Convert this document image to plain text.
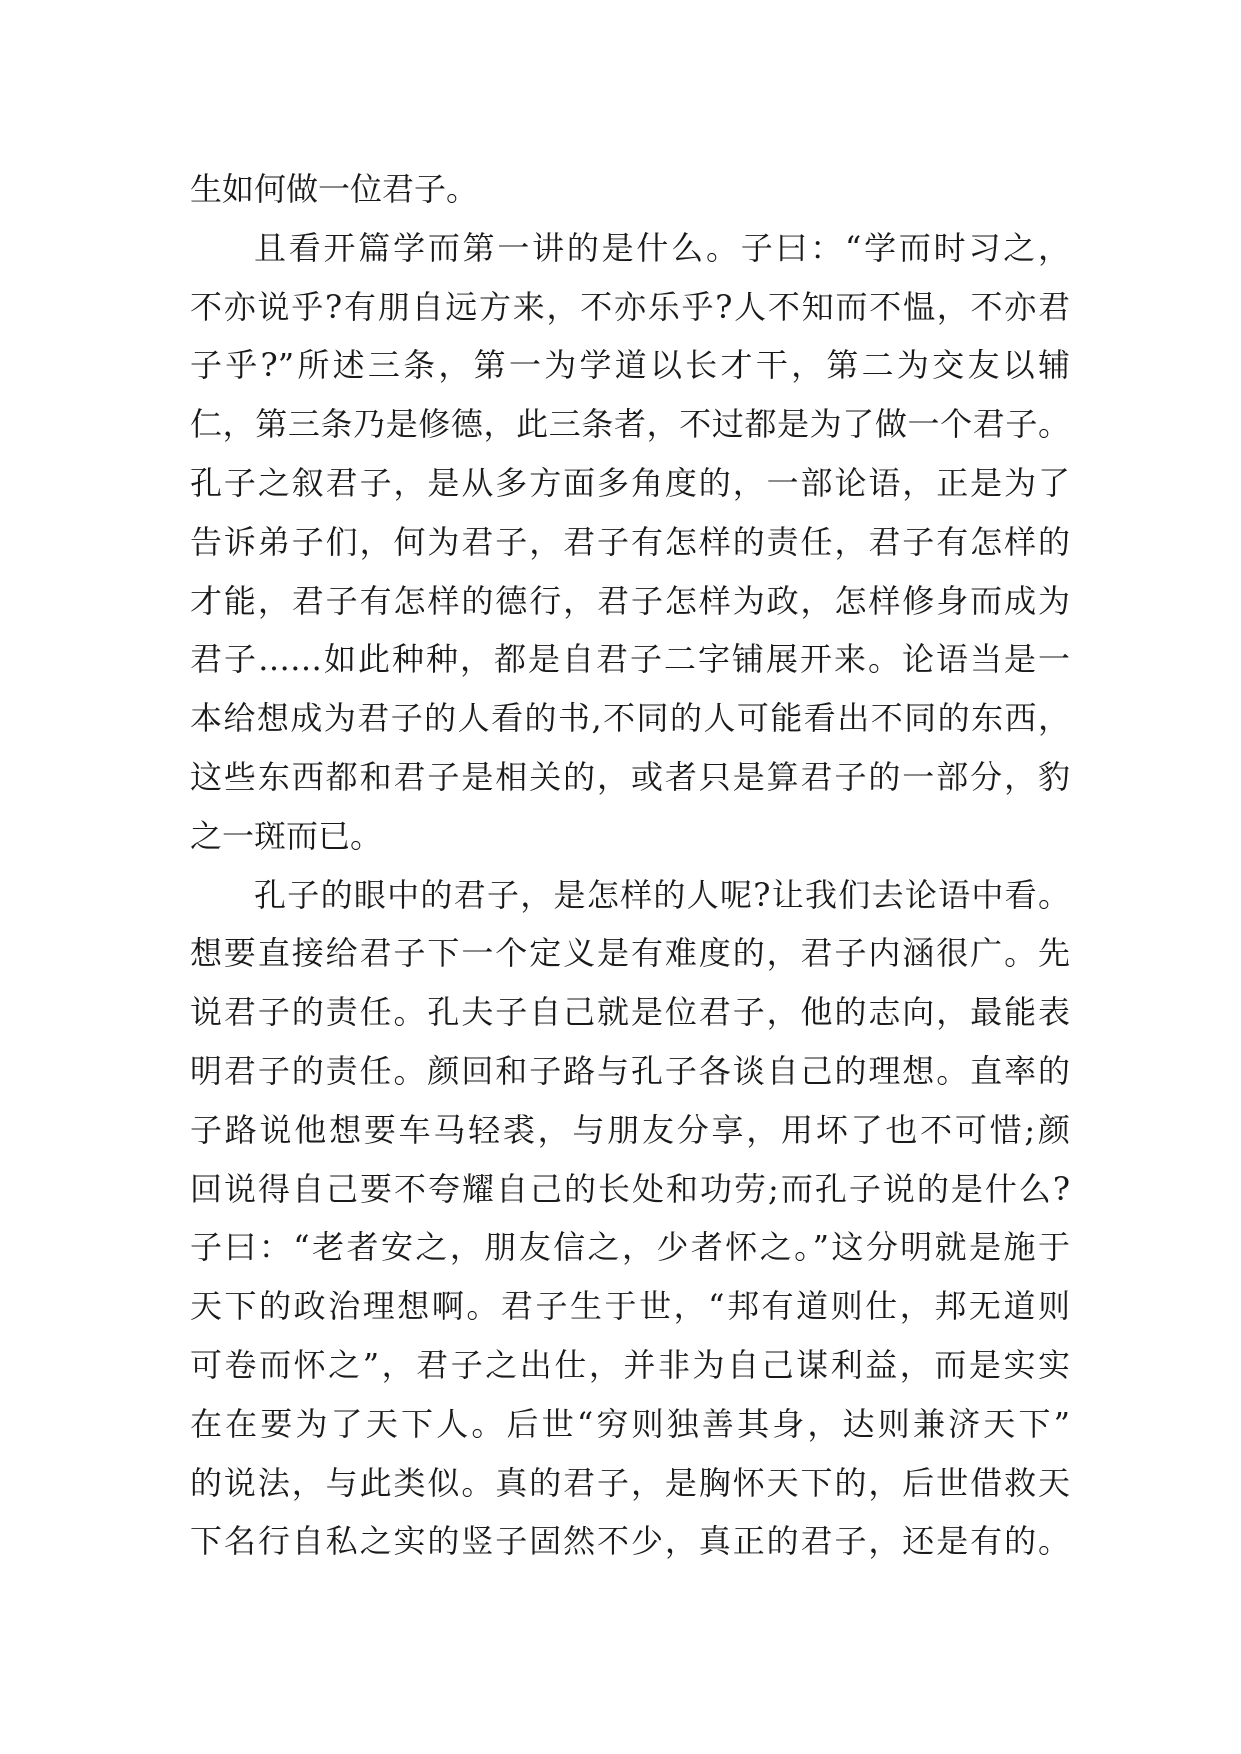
生如何做一位君子。
且看开篇学而第一讲的是什么。子曰：“学而时习之，
不亦说乎?有朋自远方来，不亦乐乎?人不知而不愠，不亦君
子乎?”所述三条，第一为学道以长才干，第二为交友以辅
仁，第三条乃是修德，此三条者，不过都是为了做一个君子。
孔子之叙君子，是从多方面多角度的，一部论语，正是为了
告诉弟子们，何为君子，君子有怎样的责任，君子有怎样的
才能，君子有怎样的德行，君子怎样为政，怎样修身而成为
君子……如此种种，都是自君子二字铺展开来。论语当是一
本给想成为君子的人看的书,不同的人可能看出不同的东西，
这些东西都和君子是相关的，或者只是算君子的一部分，豹
之一斑而已。
孔子的眼中的君子，是怎样的人呢?让我们去论语中看。
想要直接给君子下一个定义是有难度的，君子内涵很广。先
说君子的责任。孔夫子自己就是位君子，他的志向，最能表
明君子的责任。颜回和子路与孔子各谈自己的理想。直率的
子路说他想要车马轻裘，与朋友分享，用坏了也不可惜;颜
回说得自己要不夸耀自己的长处和功劳;而孔子说的是什么?
子曰：“老者安之，朋友信之，少者怀之。”这分明就是施于
天下的政治理想啊。君子生于世，“邦有道则仕，邦无道则
可卷而怀之”，君子之出仕，并非为自己谋利益，而是实实
在在要为了天下人。后世“穷则独善其身，达则兼济天下”
的说法，与此类似。真的君子，是胸怀天下的，后世借救天
下名行自私之实的竖子固然不少，真正的君子，还是有的。
